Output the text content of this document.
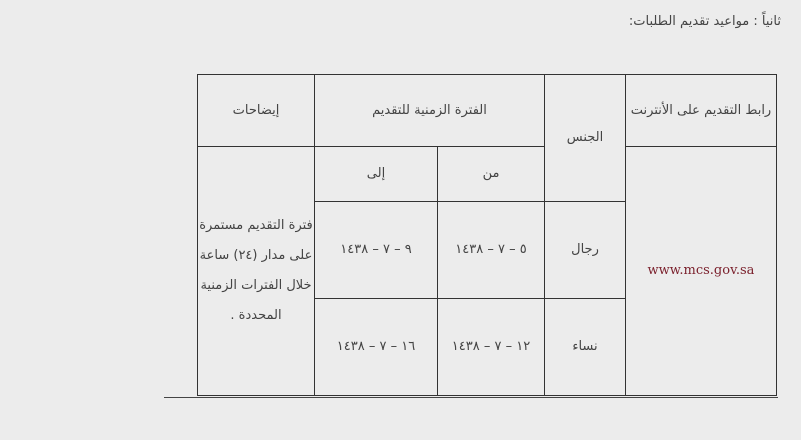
ثانياً : مواعيد تقديم الطلبات:
رابط التقديم على الأنترنت	الجنس	الفترة الزمنية للتقديم		إيضاحات
www.mcs.gov.sa		من	إلى	فترة التقديم مستمرة على مدار (٢٤) ساعة خلال الفترات الزمنية المحددة .

	رجال	٥ – ٧ – ١٤٣٨	٩ – ٧ – ١٤٣٨	
	نساء	١٢ – ٧ – ١٤٣٨	١٦ – ٧ – ١٤٣٨	
